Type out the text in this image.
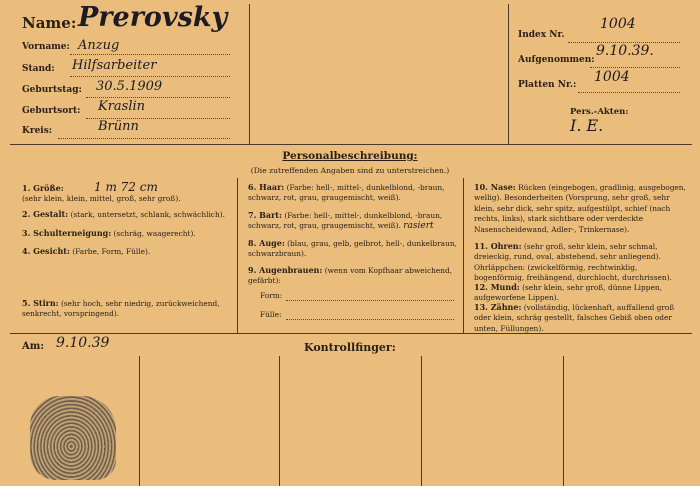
Name: Prerovsky
Vorname: Anzug
Stand: Hilfsarbeiter
Geburtstag: 30.5.1909
Geburtsort: Kraslin
Kreis:	Brünn
Index Nr.
1004
Aufgenommen:
9.10.39.
Platten Nr.: 1004
Pers.-Akten:
I. E.
Personalbeschreibung:
(Die zutreffenden Angaben sind zu unterstreichen.)
1. Größe:	1 m 72 cm
(sehr klein, klein, mittel, groß, sehr groß).
2. Gestalt: (stark, untersetzt, schlank, schwächlich).
3. Schulterneigung: (schräg, waagerecht).
4. Gesicht: (Farbe, Form, Fülle).
5. Stirn: (sehr hoch, sehr niedrig, zurückweichend, senkrecht, vorspringend).
6. Haar: (Farbe: hell-, mittel-, dunkelblond, -braun, schwarz, rot, grau, graugemischt, weiß).
7. Bart: (Farbe: hell-, mittel-, dunkelblond, -braun, schwarz, rot, grau, graugemischt, weiß). rasiert
8. Auge: (blau, grau, gelb, gelbrot, hell-, dunkelbraun, schwarzbraun).
9. Augenbrauen: (wenn vom Kopfhaar abweichend, gefärbt):
Form:
Fülle:
10. Nase: Rücken (eingebogen, gradlinig, ausgebogen, wellig). Besonderheiten (Vorsprung, sehr groß, sehr klein, sehr dick, sehr spitz, aufgestülpt, schief (nach rechts, links), stark sichtbare oder verdeckte Nasenscheidewand, Adler-, Trinkernase).
11. Ohren: (sehr groß, sehr klein, sehr schmal, dreieckig, rund, oval, abstehend, sehr anliegend). Ohrläppchen: (zwickelförmig, rechtwinklig, bogenförmig, freihängend, durchlocht, durchrissen).
12. Mund: (sehr klein, sehr groß, dünne Lippen, aufgeworfene Lippen).
13. Zähne: (vollständig, lückenhaft, auffallend groß oder klein, schräg gestellt, falsches Gebiß oben oder unten, Füllungen).
Am: 9.10.39	Kontrollfinger:
